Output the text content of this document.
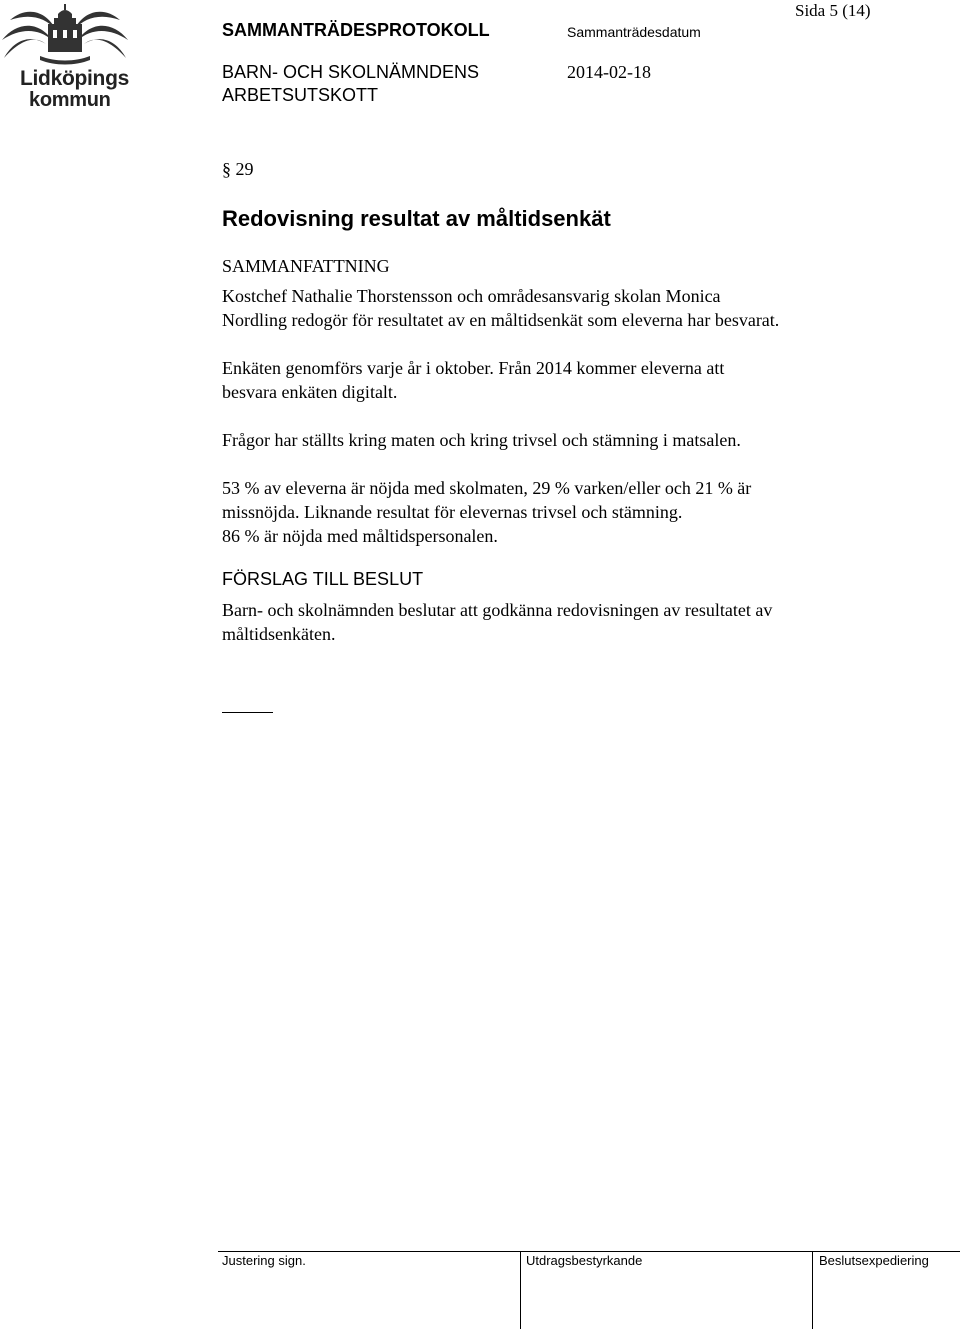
Lidköpings
kommun
SAMMANTRÄDESPROTOKOLL	Sammanträdesdatum
Sida 5 (14)
BARN- OCH SKOLNÄMNDENS
ARBETSUTSKOTT
2014-02-18
§ 29
Redovisning resultat av måltidsenkät
SAMMANFATTNING
Kostchef Nathalie Thorstensson och områdesansvarig skolan Monica
Nordling redogör för resultatet av en måltidsenkät som eleverna har besvarat.
Enkäten genomförs varje år i oktober. Från 2014 kommer eleverna att
besvara enkäten digitalt.
Frågor har ställts kring maten och kring trivsel och stämning i matsalen.
53 % av eleverna är nöjda med skolmaten, 29 % varken/eller och 21 % är
missnöjda. Liknande resultat för elevernas trivsel och stämning.
86 % är nöjda med måltidspersonalen.
FÖRSLAG TILL BESLUT
Barn- och skolnämnden beslutar att godkänna redovisningen av resultatet av
måltidsenkäten.
Justering sign.	Utdragsbestyrkande	Beslutsexpediering
